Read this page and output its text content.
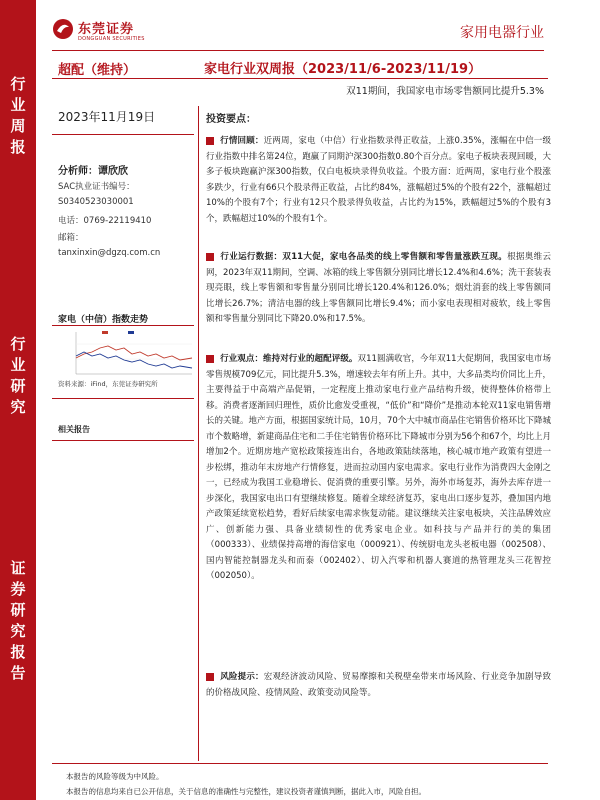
行业周报
行业研究
证券研究报告
东莞证券
DONGGUAN SECURITIES	家用电器行业
超配（维持）	家电行业双周报（2023/11/6-2023/11/19）
双11期间，我国家电市场零售额同比提升5.3%
2023年11月19日
分析师：谭欣欣
SAC执业证书编号：
S0340523030001
电话：0769-22119410
邮箱：
tanxinxin@dgzq.com.cn
家电（中信）指数走势
资料来源：iFind，东莞证券研究所
相关报告
投资要点：
行情回顾：近两周，家电（中信）行业指数录得正收益，上涨0.35%，涨幅在中信一级行业指数中排名第24位，跑赢了同期沪深300指数0.80个百分点。家电子板块表现回暖，大多子板块跑赢沪深300指数，仅白电板块录得负收益。个股方面：近两周，家电行业个股涨多跌少，行业有66只个股录得正收益，占比约84%，涨幅超过5%的个股有22个，涨幅超过10%的个股有7个；行业有12只个股录得负收益，占比约为15%，跌幅超过5%的个股有3个，跌幅超过10%的个股有1个。
行业运行数据：双11大促，家电各品类的线上零售额和零售量涨跌互现。根据奥维云网，2023年双11期间，空调、冰箱的线上零售额分别同比增长12.4%和4.6%；洗干套装表现亮眼，线上零售额和零售量分别同比增长120.4%和126.0%；烟灶消套的线上零售额同比增长26.7%；清洁电器的线上零售额同比增长9.4%；而小家电表现相对疲软，线上零售额和零售量分别同比下降20.0%和17.5%。
行业观点：维持对行业的超配评级。双11圆满收官，今年双11大促期间，我国家电市场零售规模709亿元，同比提升5.3%，增速较去年有所上升。其中，大多品类均价同比上升，主要得益于中高端产品促销，一定程度上推动家电行业产品结构升级，使得整体价格带上移。消费者逐渐回归理性，质价比愈发受重视，“低价”和“降价”是推动本轮双11家电销售增长的关键。地产方面，根据国家统计局，10月，70个大中城市商品住宅销售价格环比下降城市个数略增，新建商品住宅和二手住宅销售价格环比下降城市分别为56个和67个，均比上月增加2个。近期房地产宽松政策接连出台，各地政策陆续落地，核心城市地产政策有望进一步松绑，推动年末房地产行情修复，进而拉动国内家电需求。家电行业作为消费四大金刚之一，已经成为我国工业稳增长、促消费的重要引擎。另外，海外市场复苏，海外去库存进一步深化，我国家电出口有望继续修复。随着全球经济复苏，家电出口逐步复苏，叠加国内地产政策延续宽松趋势，看好后续家电需求恢复动能。建议继续关注家电板块，关注品牌效应广、创新能力强、具备业绩韧性的优秀家电企业。如科技与产品并行的美的集团（000333）、业绩保持高增的海信家电（000921）、传统厨电龙头老板电器（002508）、国内智能控制器龙头和而泰（002402）、切入汽零和机器人赛道的热管理龙头三花智控（002050）。
风险提示：宏观经济波动风险、贸易摩擦和关税壁垒带来市场风险、行业竞争加剧导致的价格战风险、疫情风险、政策变动风险等。
本报告的风险等级为中风险。
本报告的信息均来自已公开信息，关于信息的准确性与完整性，建议投资者谨慎判断，据此入市，风险自担。
